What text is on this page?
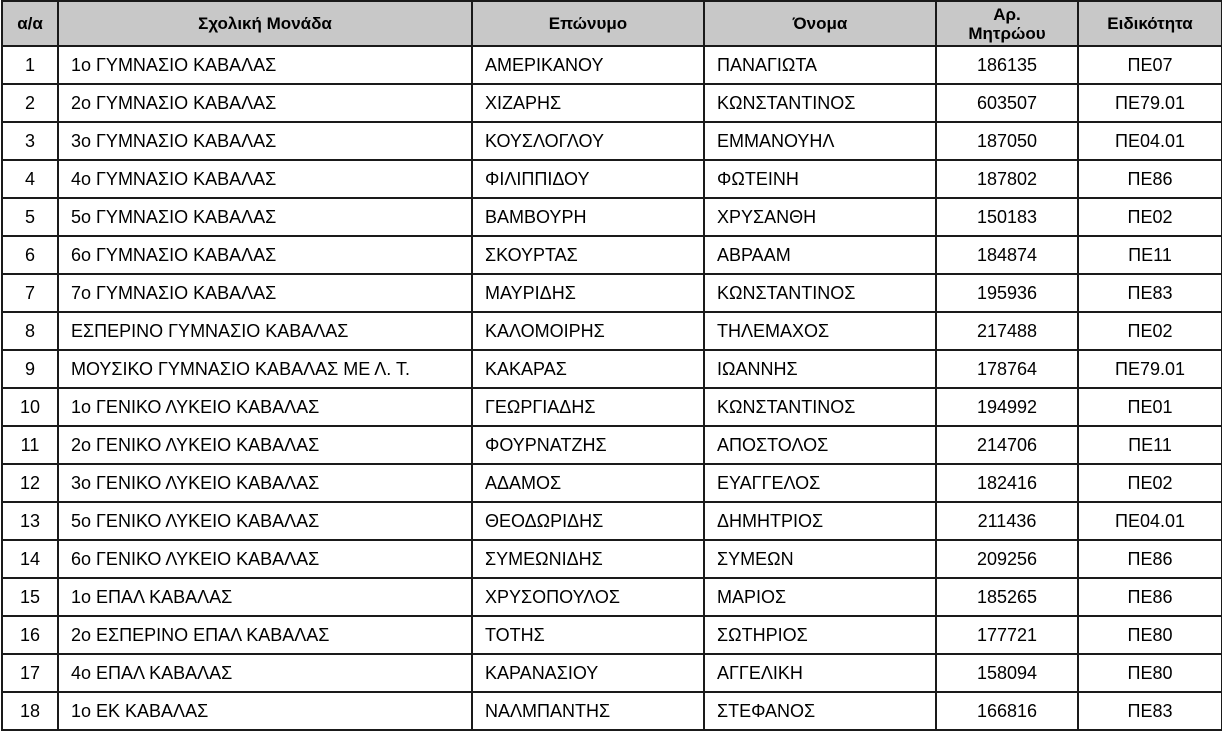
α/α	Σχολική Μονάδα	Επώνυμο	Όνομα	Αρ.
Μητρώου	Ειδικότητα
1	1ο ΓΥΜΝΑΣΙΟ ΚΑΒΑΛΑΣ	ΑΜΕΡΙΚΑΝΟΥ	ΠΑΝΑΓΙΩΤΑ	186135	ΠΕ07
2	2ο ΓΥΜΝΑΣΙΟ ΚΑΒΑΛΑΣ	ΧΙΖΑΡΗΣ	ΚΩΝΣΤΑΝΤΙΝΟΣ	603507	ΠΕ79.01
3	3ο ΓΥΜΝΑΣΙΟ ΚΑΒΑΛΑΣ	ΚΟΥΣΛΟΓΛΟΥ	ΕΜΜΑΝΟΥΗΛ	187050	ΠΕ04.01
4	4ο ΓΥΜΝΑΣΙΟ ΚΑΒΑΛΑΣ	ΦΙΛΙΠΠΙΔΟΥ	ΦΩΤΕΙΝΗ	187802	ΠΕ86
5	5ο ΓΥΜΝΑΣΙΟ ΚΑΒΑΛΑΣ	ΒΑΜΒΟΥΡΗ	ΧΡΥΣΑΝΘΗ	150183	ΠΕ02
6	6ο ΓΥΜΝΑΣΙΟ ΚΑΒΑΛΑΣ	ΣΚΟΥΡΤΑΣ	ΑΒΡΑΑΜ	184874	ΠΕ11
7	7ο ΓΥΜΝΑΣΙΟ ΚΑΒΑΛΑΣ	ΜΑΥΡΙΔΗΣ	ΚΩΝΣΤΑΝΤΙΝΟΣ	195936	ΠΕ83
8	ΕΣΠΕΡΙΝΟ ΓΥΜΝΑΣΙΟ ΚΑΒΑΛΑΣ	ΚΑΛΟΜΟΙΡΗΣ	ΤΗΛΕΜΑΧΟΣ	217488	ΠΕ02
9	ΜΟΥΣΙΚΟ ΓΥΜΝΑΣΙΟ ΚΑΒΑΛΑΣ ΜΕ Λ. Τ.	ΚΑΚΑΡΑΣ	ΙΩΑΝΝΗΣ	178764	ΠΕ79.01
10	1ο ΓΕΝΙΚΟ ΛΥΚΕΙΟ ΚΑΒΑΛΑΣ	ΓΕΩΡΓΙΑΔΗΣ	ΚΩΝΣΤΑΝΤΙΝΟΣ	194992	ΠΕ01
11	2ο ΓΕΝΙΚΟ ΛΥΚΕΙΟ ΚΑΒΑΛΑΣ	ΦΟΥΡΝΑΤΖΗΣ	ΑΠΟΣΤΟΛΟΣ	214706	ΠΕ11
12	3ο ΓΕΝΙΚΟ ΛΥΚΕΙΟ ΚΑΒΑΛΑΣ	ΑΔΑΜΟΣ	ΕΥΑΓΓΕΛΟΣ	182416	ΠΕ02
13	5ο ΓΕΝΙΚΟ ΛΥΚΕΙΟ ΚΑΒΑΛΑΣ	ΘΕΟΔΩΡΙΔΗΣ	ΔΗΜΗΤΡΙΟΣ	211436	ΠΕ04.01
14	6ο ΓΕΝΙΚΟ ΛΥΚΕΙΟ ΚΑΒΑΛΑΣ	ΣΥΜΕΩΝΙΔΗΣ	ΣΥΜΕΩΝ	209256	ΠΕ86
15	1ο ΕΠΑΛ ΚΑΒΑΛΑΣ	ΧΡΥΣΟΠΟΥΛΟΣ	ΜΑΡΙΟΣ	185265	ΠΕ86
16	2ο ΕΣΠΕΡΙΝΟ ΕΠΑΛ ΚΑΒΑΛΑΣ	ΤΟΤΗΣ	ΣΩΤΗΡΙΟΣ	177721	ΠΕ80
17	4ο ΕΠΑΛ ΚΑΒΑΛΑΣ	ΚΑΡΑΝΑΣΙΟΥ	ΑΓΓΕΛΙΚΗ	158094	ΠΕ80
18	1ο ΕΚ ΚΑΒΑΛΑΣ	ΝΑΛΜΠΑΝΤΗΣ	ΣΤΕΦΑΝΟΣ	166816	ΠΕ83
